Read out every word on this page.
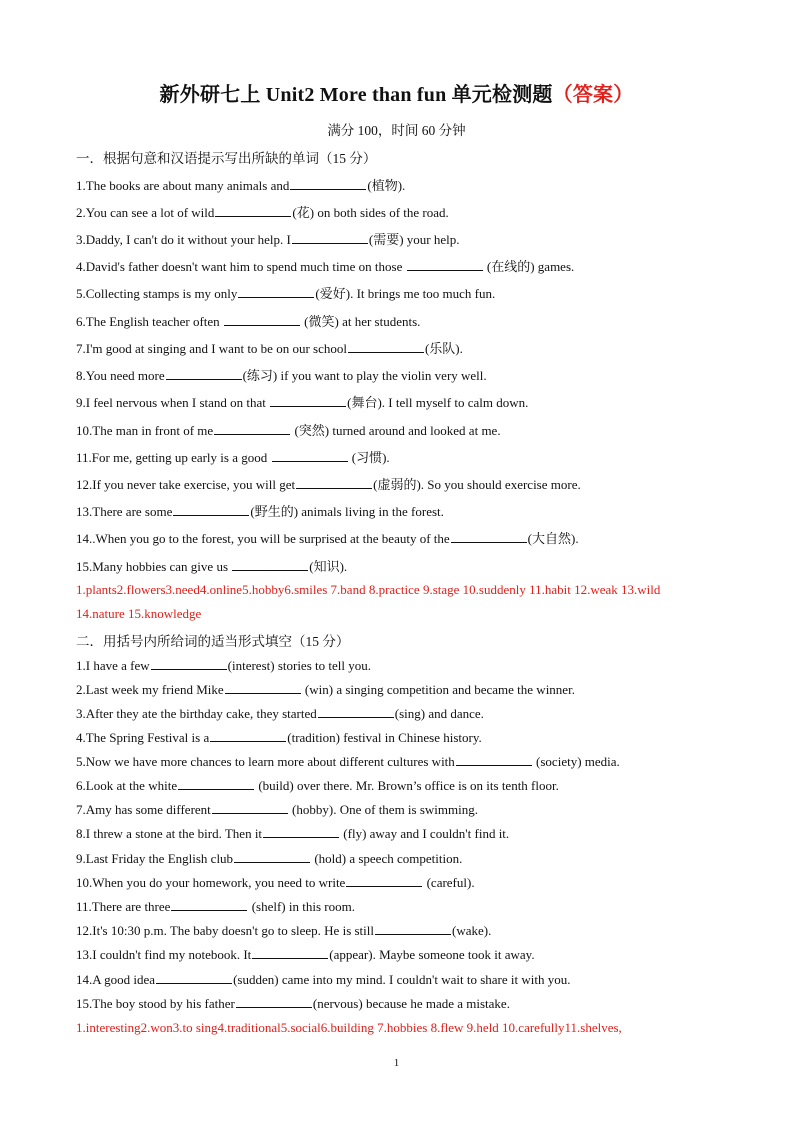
新外研七上 Unit2 More than fun 单元检测题（答案）
满分 100，时间 60 分钟
一．根据句意和汉语提示写出所缺的单词（15 分）
1.The books are about many animals and	(植物).
2.You can see a lot of wild	(花) on both sides of the road.
3.Daddy, I can't do it without your help. I	(需要) your help.
4.David's father doesn't want him to spend much time on those	(在线的) games.
5.Collecting stamps is my only	(爱好). It brings me too much fun.
6.The English teacher often	(微笑) at her students.
7.I'm good at singing and I want to be on our school	(乐队).
8.You need more	(练习) if you want to play the violin very well.
9.I feel nervous when I stand on that	(舞台). I tell myself to calm down.
10.The man in front of me	(突然) turned around and looked at me.
11.For me, getting up early is a good	(习惯).
12.If you never take exercise, you will get	(虚弱的). So you should exercise more.
13.There are some	(野生的) animals living in the forest.
14..When you go to the forest, you will be surprised at the beauty of the	(大自然).
15.Many hobbies can give us	(知识).
1.plants2.flowers3.need4.online5.hobby6.smiles 7.band 8.practice 9.stage 10.suddenly 11.habit 12.weak 13.wild
14.nature 15.knowledge
二．用括号内所给词的适当形式填空（15 分）
1.I have a few	(interest) stories to tell you.
2.Last week my friend Mike	(win) a singing competition and became the winner.
3.After they ate the birthday cake, they started	(sing) and dance.
4.The Spring Festival is a	(tradition) festival in Chinese history.
5.Now we have more chances to learn more about different cultures with	(society) media.
6.Look at the white	(build) over there. Mr. Brown’s office is on its tenth floor.
7.Amy has some different	(hobby). One of them is swimming.
8.I threw a stone at the bird. Then it	(fly) away and I couldn't find it.
9.Last Friday the English club	(hold) a speech competition.
10.When you do your homework, you need to write	(careful).
11.There are three	(shelf) in this room.
12.It's 10:30 p.m. The baby doesn't go to sleep. He is still	(wake).
13.I couldn't find my notebook. It	(appear). Maybe someone took it away.
14.A good idea	(sudden) came into my mind. I couldn't wait to share it with you.
15.The boy stood by his father	(nervous) because he made a mistake.
1.interesting2.won3.to sing4.traditional5.social6.building 7.hobbies 8.flew 9.held 10.carefully11.shelves,
1
